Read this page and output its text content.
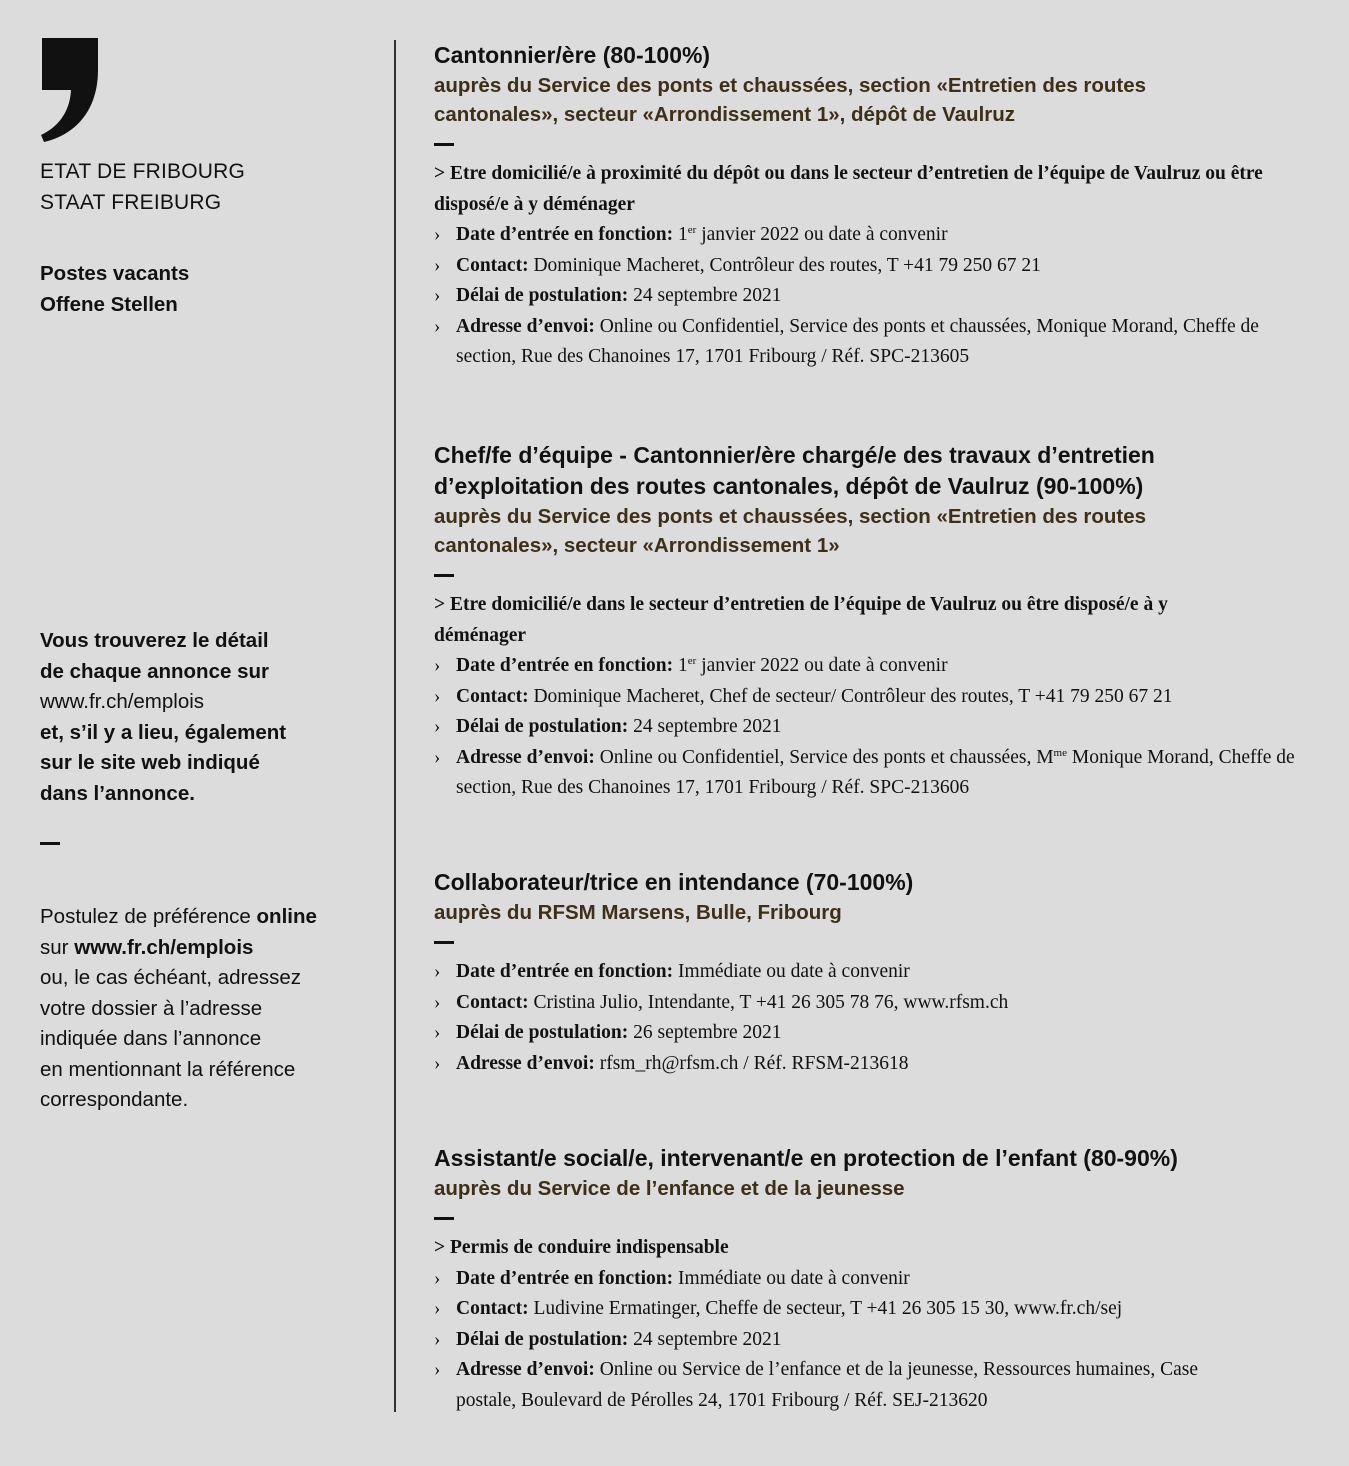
ETAT DE FRIBOURG
STAAT FREIBURG
Postes vacants
Offene Stellen
Vous trouverez le détail
de chaque annonce sur
www.fr.ch/emplois
et, s’il y a lieu, également
sur le site web indiqué
dans l’annonce.
Postulez de préférence online
sur www.fr.ch/emplois
ou, le cas échéant, adressez
votre dossier à l’adresse
indiquée dans l’annonce
en mentionnant la référence
correspondante.
Cantonnier/ère (80-100%)
auprès du Service des ponts et chaussées, section «Entretien des routes cantonales», secteur «Arrondissement 1», dépôt de Vaulruz
> Etre domicilié/e à proximité du dépôt ou dans le secteur d’entretien de l’équipe de Vaulruz ou être disposé/e à y déménager
› Date d’entrée en fonction: 1er janvier 2022 ou date à convenir
› Contact: Dominique Macheret, Contrôleur des routes, T +41 79 250 67 21
› Délai de postulation: 24 septembre 2021
› Adresse d’envoi: Online ou Confidentiel, Service des ponts et chaussées, Monique Morand, Cheffe de section, Rue des Chanoines 17, 1701 Fribourg / Réf. SPC-213605
Chef/fe d’équipe - Cantonnier/ère chargé/e des travaux d’entretien d’exploitation des routes cantonales, dépôt de Vaulruz (90-100%)
auprès du Service des ponts et chaussées, section «Entretien des routes cantonales», secteur «Arrondissement 1»
> Etre domicilié/e dans le secteur d’entretien de l’équipe de Vaulruz ou être disposé/e à y déménager
› Date d’entrée en fonction: 1er janvier 2022 ou date à convenir
› Contact: Dominique Macheret, Chef de secteur/ Contrôleur des routes, T +41 79 250 67 21
› Délai de postulation: 24 septembre 2021
› Adresse d’envoi: Online ou Confidentiel, Service des ponts et chaussées, $M^{me}$ Monique Morand, Cheffe de section, Rue des Chanoines 17, 1701 Fribourg / Réf. SPC-213606
Collaborateur/trice en intendance (70-100%)
auprès du RFSM Marsens, Bulle, Fribourg
› Date d’entrée en fonction: Immédiate ou date à convenir
› Contact: Cristina Julio, Intendante, T +41 26 305 78 76, www.rfsm.ch
› Délai de postulation: 26 septembre 2021
› Adresse d’envoi: rfsm_rh@rfsm.ch / Réf. RFSM-213618
Assistant/e social/e, intervenant/e en protection de l’enfant (80-90%)
auprès du Service de l’enfance et de la jeunesse
> Permis de conduire indispensable
› Date d’entrée en fonction: Immédiate ou date à convenir
› Contact: Ludivine Ermatinger, Cheffe de secteur, T +41 26 305 15 30, www.fr.ch/sej
› Délai de postulation: 24 septembre 2021
› Adresse d’envoi: Online ou Service de l’enfance et de la jeunesse, Ressources humaines, Case postale, Boulevard de Pérolles 24, 1701 Fribourg / Réf. SEJ-213620
